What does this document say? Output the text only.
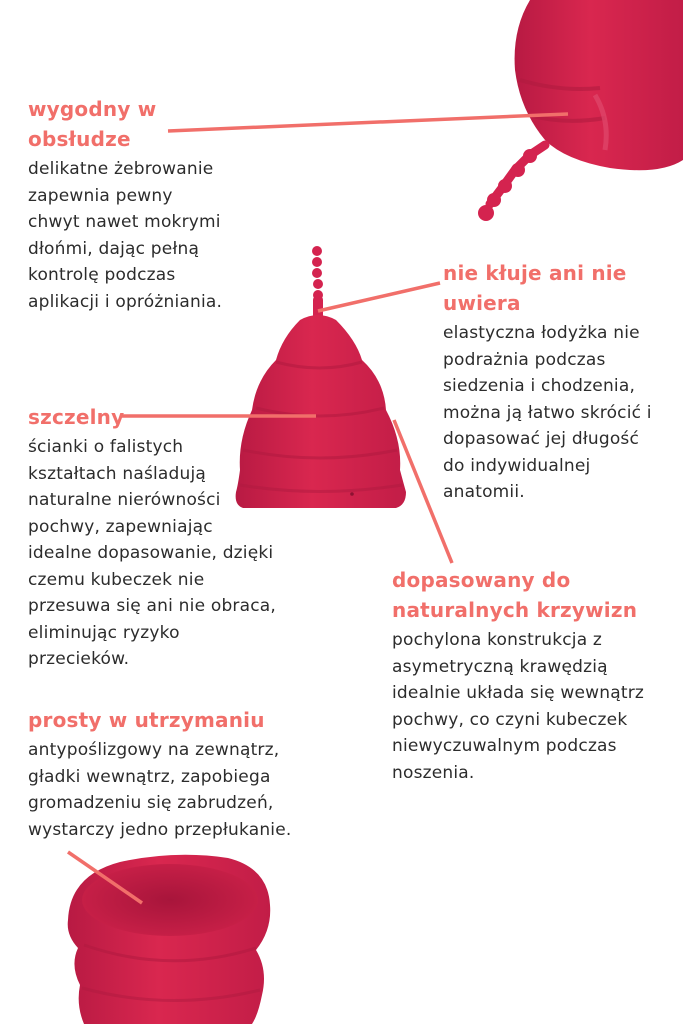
wygodny w
obsłudze
delikatne żebrowanie
zapewnia pewny
chwyt nawet mokrymi
dłońmi, dając pełną
kontrolę podczas
aplikacji i opróżniania.
nie kłuje ani nie
uwiera
elastyczna łodyżka nie
podrażnia podczas
siedzenia i chodzenia,
można ją łatwo skrócić i
dopasować jej długość
do indywidualnej
anatomii.
szczelny
ścianki o falistych
kształtach naśladują
naturalne nierówności
pochwy, zapewniając
idealne dopasowanie, dzięki
czemu kubeczek nie
przesuwa się ani nie obraca,
eliminując ryzyko
przecieków.
dopasowany do
naturalnych krzywizn
pochylona konstrukcja z
asymetryczną krawędzią
idealnie układa się wewnątrz
pochwy, co czyni kubeczek
niewyczuwalnym podczas
noszenia.
prosty w utrzymaniu
antypoślizgowy na zewnątrz,
gładki wewnątrz, zapobiega
gromadzeniu się zabrudzeń,
wystarczy jedno przepłukanie.
